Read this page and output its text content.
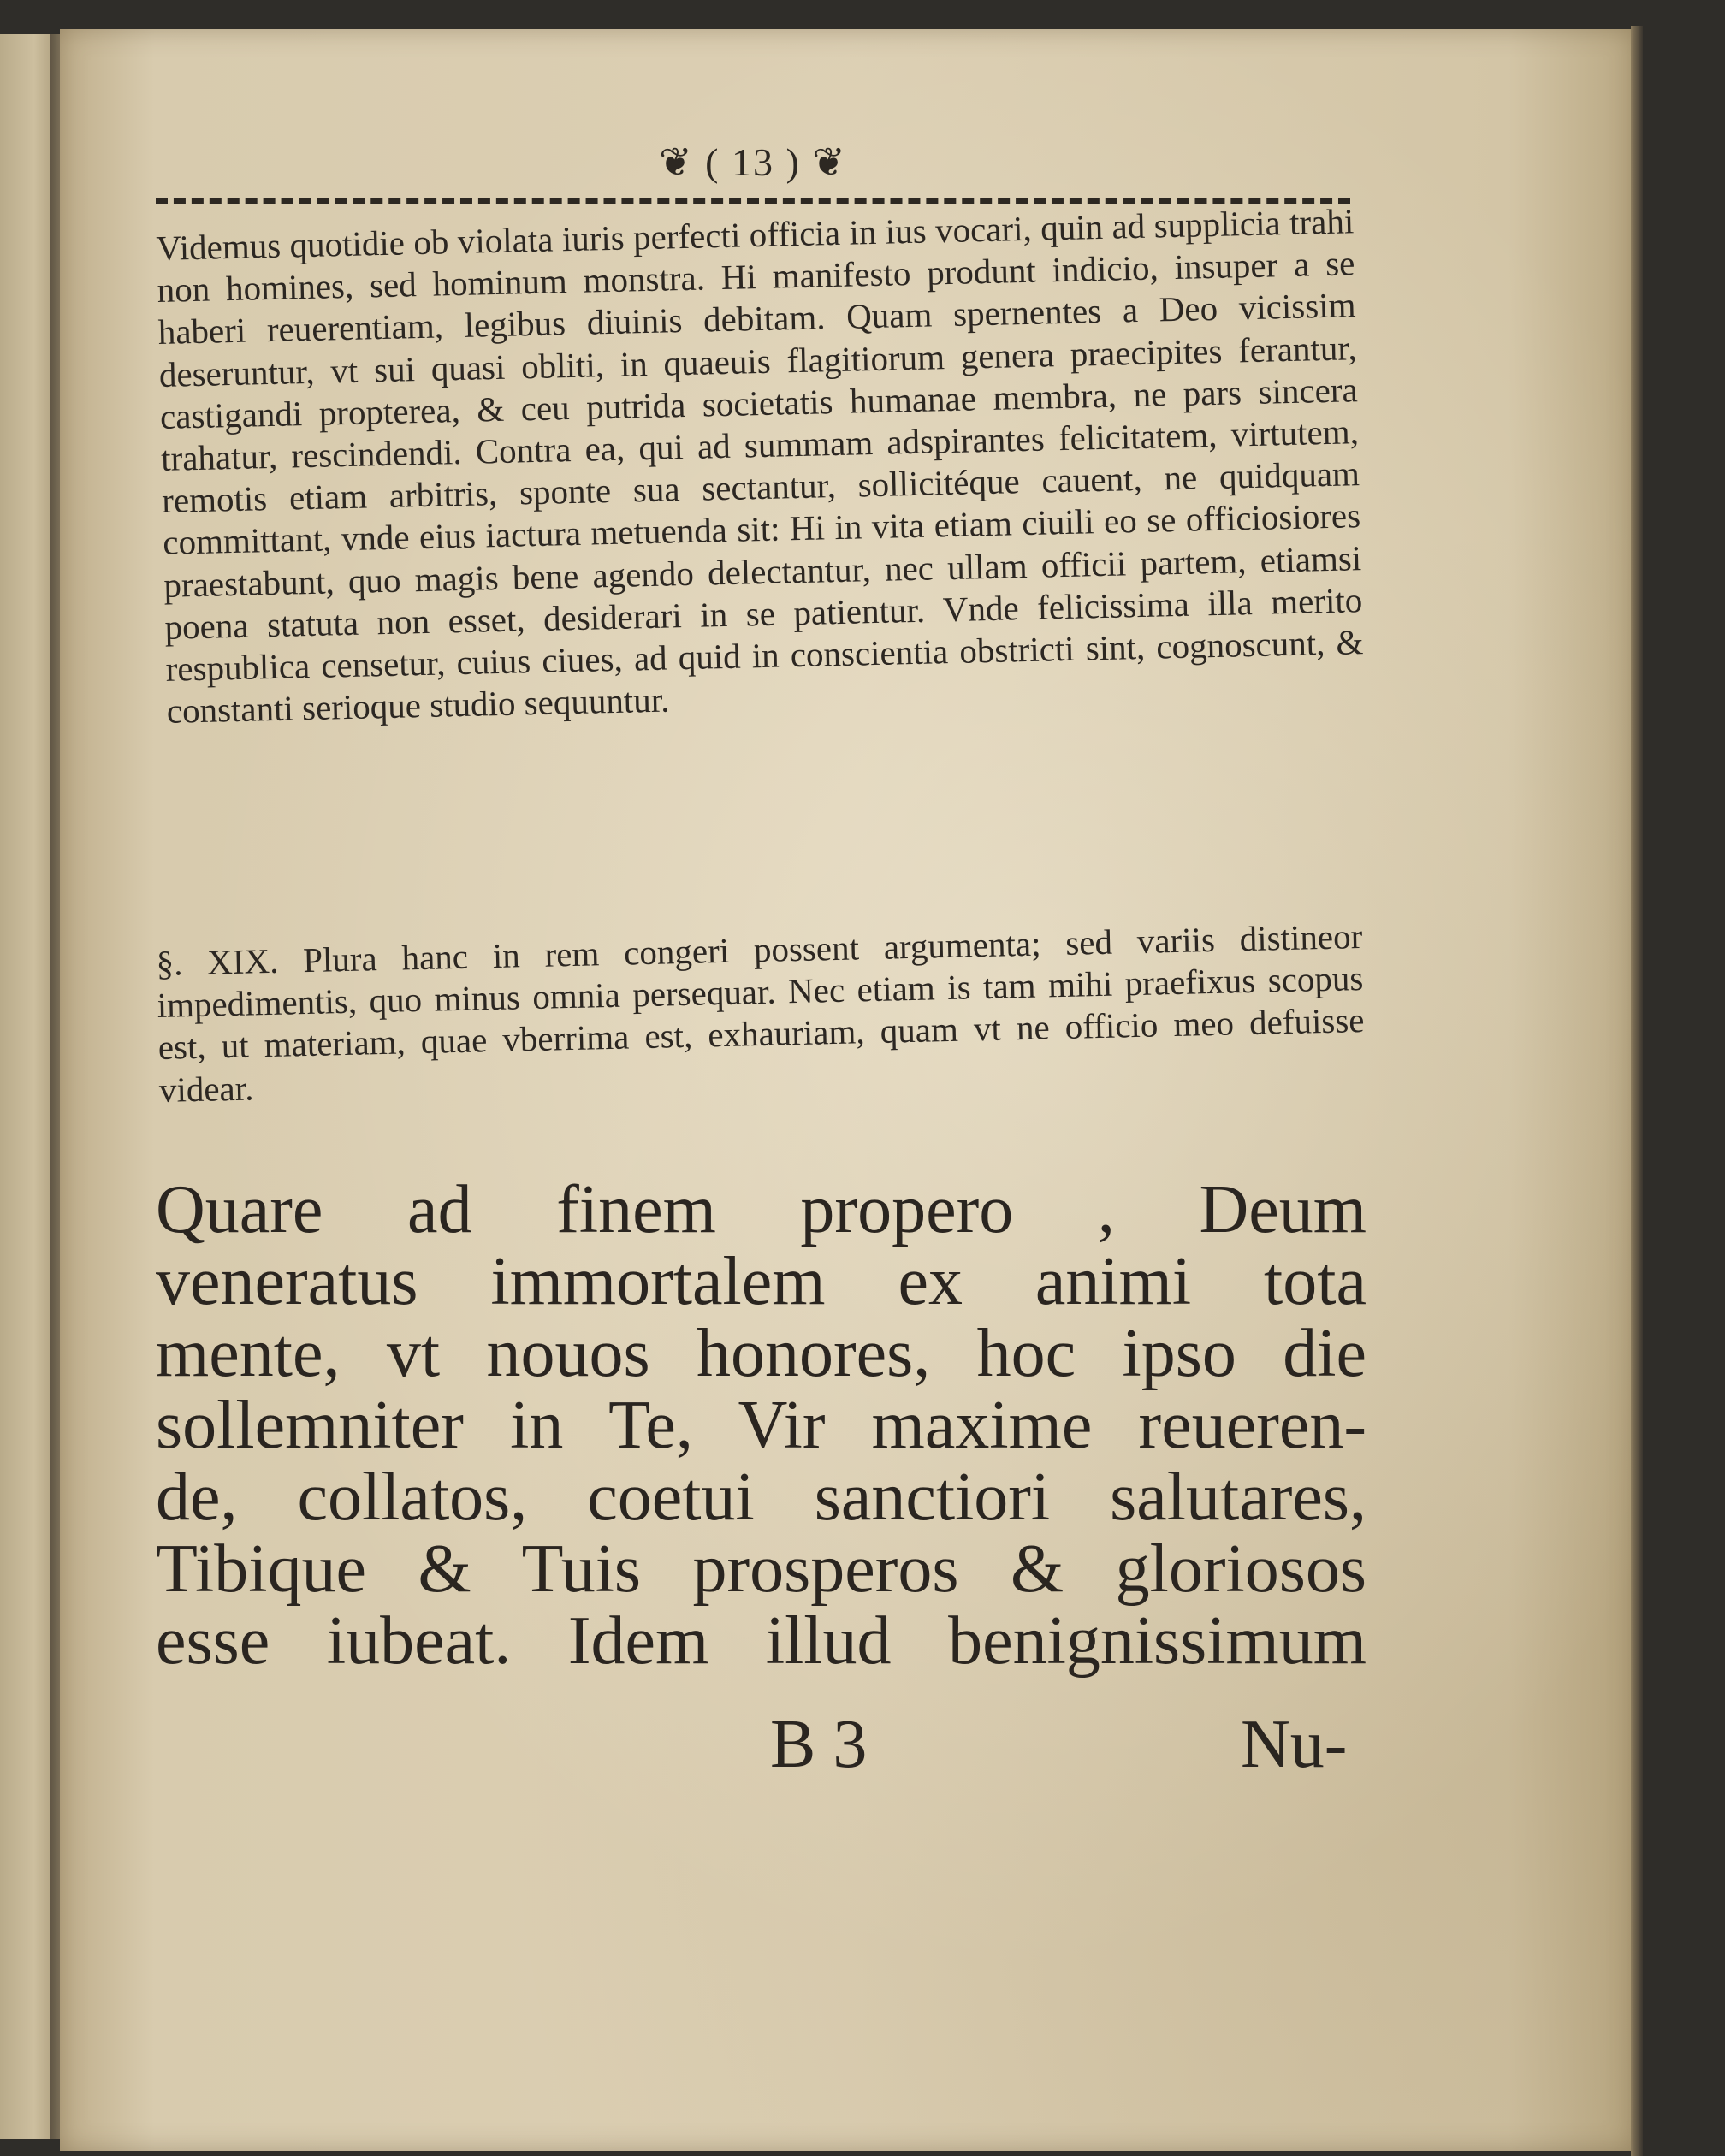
❦ ( 13 ) ❦
Videmus quotidie ob violata iuris perfecti officia in ius vocari, quin ad supplicia trahi non homines, sed hominum monstra. Hi manifesto produnt indicio, insuper a se haberi reuerentiam, legibus diuinis debitam. Quam spernentes a Deo vicissim deseruntur, vt sui quasi obliti, in quaeuis flagitiorum genera praecipites ferantur, castigandi propterea, & ceu putrida societatis humanae membra, ne pars sincera trahatur, rescindendi. Contra ea, qui ad summam adspirantes felicitatem, virtutem, remotis etiam arbitris, sponte sua sectantur, sollicitéque cauent, ne quidquam committant, vnde eius iactura metuenda sit: Hi in vita etiam ciuili eo se officiosiores praestabunt, quo magis bene agendo delectantur, nec ullam officii partem, etiamsi poena statuta non esset, desiderari in se patientur. Vnde felicissima illa merito respublica censetur, cuius ciues, ad quid in conscientia obstricti sint, cognoscunt, & constanti serioque studio sequuntur.
§. XIX. Plura hanc in rem congeri possent argumenta; sed variis distineor impedimentis, quo minus omnia persequar. Nec etiam is tam mihi praefixus scopus est, ut materiam, quae vberrima est, exhauriam, quam vt ne officio meo defuisse videar.
Quare ad finem propero , Deum
veneratus immortalem ex animi tota
mente, vt nouos honores, hoc ipso die
sollemniter in Te, Vir maxime reueren-
de, collatos, coetui sanctiori salutares,
Tibique & Tuis prosperos & gloriosos
esse iubeat. Idem illud benignissimum
B 3	Nu-
